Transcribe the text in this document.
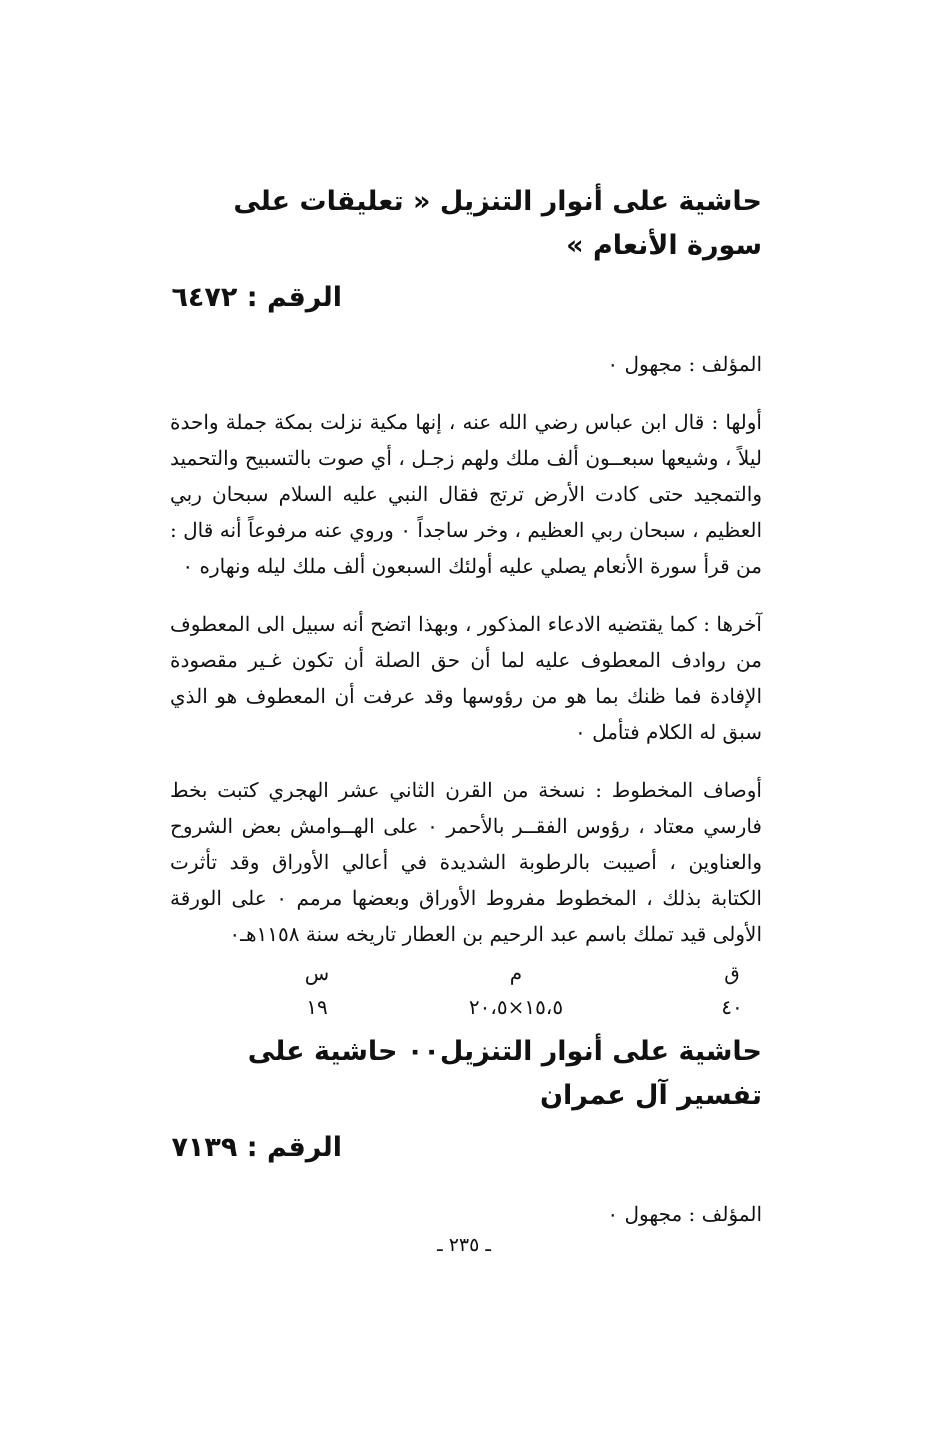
حاشية على أنوار التنزيل « تعليقات على سورة الأنعام »
الرقم : ٦٤٧٢

المؤلف : مجهول ٠

أولها : قال ابن عباس رضي الله عنه ، إنها مكية نزلت بمكة جملة واحدة ليلاً ، وشيعها سبعــون ألف ملك ولهم زجـل ، أي صوت بالتسبيح والتحميد والتمجيد حتى كادت الأرض ترتج فقال النبي عليه السلام سبحان ربي العظيم ، سبحان ربي العظيم ، وخر ساجداً ٠ وروي عنه مرفوعاً أنه قال : من قرأ سورة الأنعام يصلي عليه أولئك السبعون ألف ملك ليله ونهاره ٠

آخرها : كما يقتضيه الادعاء المذكور ، وبهذا اتضح أنه سبيل الى المعطوف من روادف المعطوف عليه لما أن حق الصلة أن تكون غـير مقصودة الإفادة فما ظنك بما هو من رؤوسها وقد عرفت أن المعطوف هو الذي سبق له الكلام فتأمل ٠

أوصاف المخطوط : نسخة من القرن الثاني عشر الهجري كتبت بخط فارسي معتاد ، رؤوس الفقــر بالأحمر ٠ على الهــوامش بعض الشروح والعناوين ، أصيبت بالرطوبة الشديدة في أعالي الأوراق وقد تأثرت الكتابة بذلك ، المخطوط مفروط الأوراق وبعضها مرمم ٠ على الورقة الأولى قيد تملك باسم عبد الرحيم بن العطار تاريخه سنة ١١٥٨هـ٠

ق
٤٠
م
١٥،٥×٢٠،٥
س
١٩
حاشية على أنوار التنزيل٠٠ حاشية على تفسير آل عمران
الرقم : ٧١٣٩

المؤلف : مجهول ٠

ـ ٢٣٥ ـ
